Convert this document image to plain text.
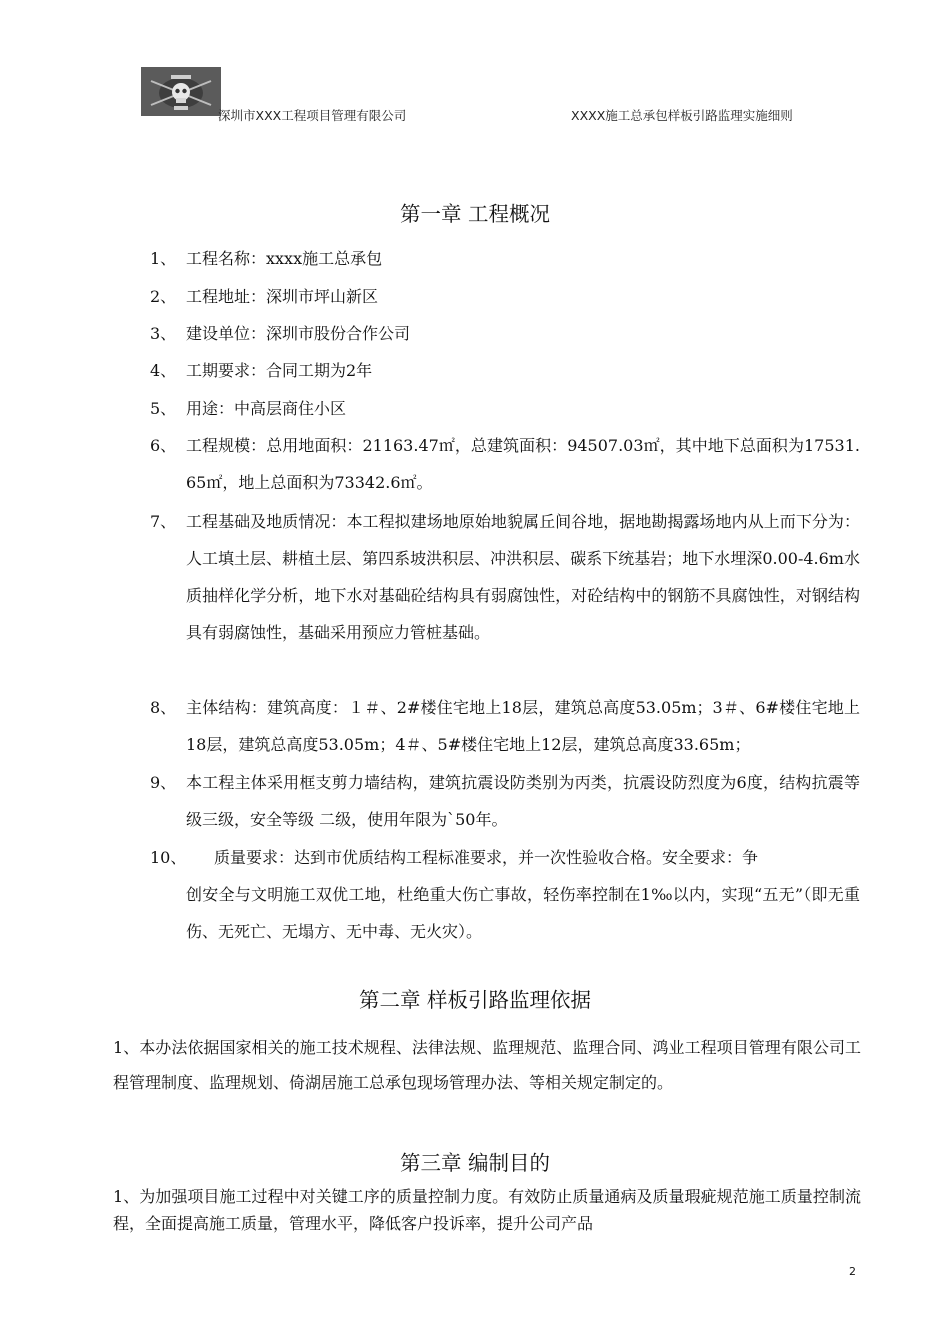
深圳市XXX工程项目管理有限公司	XXXX施工总承包样板引路监理实施细则
第一章 工程概况
1、 工程名称：xxxx施工总承包
2、 工程地址：深圳市坪山新区
3、 建设单位：深圳市股份合作公司
4、 工期要求：合同工期为2年
5、 用途：中高层商住小区
6、 工程规模：总用地面积：21163.47㎡，总建筑面积：94507.03㎡，其中地下总面积为17531.65㎡，地上总面积为73342.6㎡。
7、 工程基础及地质情况：本工程拟建场地原始地貌属丘间谷地，据地勘揭露场地内从上而下分为：人工填土层、耕植土层、第四系坡洪积层、冲洪积层、碳系下统基岩；地下水埋深0.00-4.6m水质抽样化学分析，地下水对基础砼结构具有弱腐蚀性，对砼结构中的钢筋不具腐蚀性，对钢结构具有弱腐蚀性，基础采用预应力管桩基础。
8、 主体结构：建筑高度：１＃、2#楼住宅地上18层，建筑总高度53.05m；3＃、6#楼住宅地上18层，建筑总高度53.05m；4＃、5#楼住宅地上12层，建筑总高度33.65m；
9、 本工程主体采用框支剪力墙结构，建筑抗震设防类别为丙类，抗震设防烈度为6度，结构抗震等级三级，安全等级 二级，使用年限为`50年。
10、	质量要求：达到市优质结构工程标准要求，并一次性验收合格。安全要求：争
创安全与文明施工双优工地，杜绝重大伤亡事故，轻伤率控制在1‰以内，实现“五无”（即无重伤、无死亡、无塌方、无中毒、无火灾）。
第二章 样板引路监理依据
1、本办法依据国家相关的施工技术规程、法律法规、监理规范、监理合同、鸿业工程项目管理有限公司工程管理制度、监理规划、倚湖居施工总承包现场管理办法、等相关规定制定的。
第三章 编制目的
1、为加强项目施工过程中对关键工序的质量控制力度。有效防止质量通病及质量瑕疵规范施工质量控制流程，全面提高施工质量，管理水平，降低客户投诉率，提升公司产品
2
